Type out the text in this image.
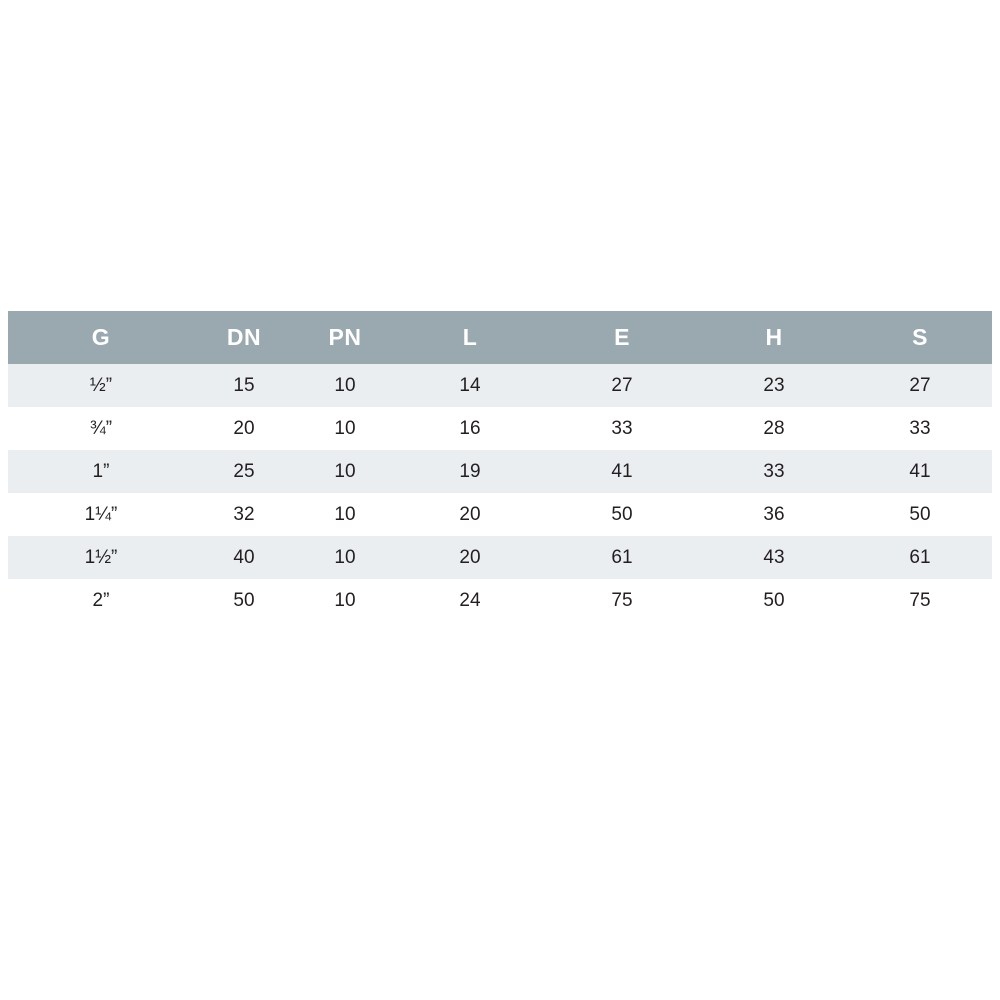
G	DN	PN	L	E	H	S
½”	15	10	14	27	23	27
¾”	20	10	16	33	28	33
1”	25	10	19	41	33	41
1¼”	32	10	20	50	36	50
1½”	40	10	20	61	43	61
2”	50	10	24	75	50	75
